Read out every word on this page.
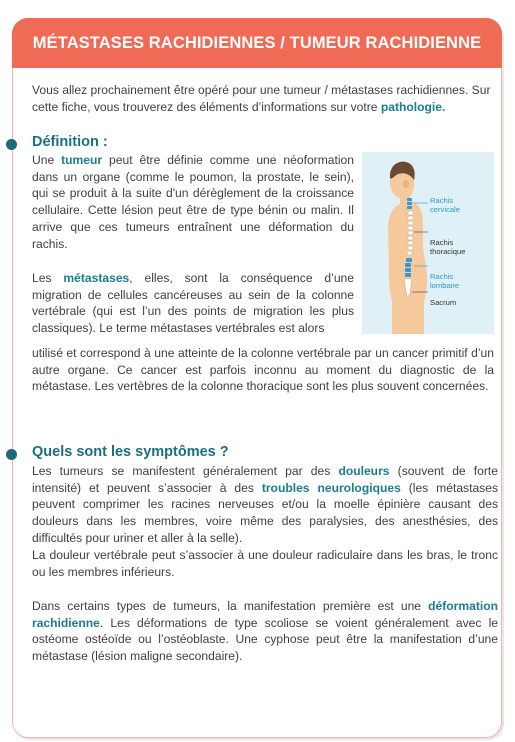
MÉTASTASES RACHIDIENNES / TUMEUR RACHIDIENNE
Vous allez prochainement être opéré pour une tumeur / métastases rachidiennes. Sur cette fiche, vous trouverez des éléments d’informations sur votre pathologie.
Définition :
Une tumeur peut être définie comme une néoformation dans un organe (comme le poumon, la prostate, le sein), qui se produit à la suite d'un dérèglement de la croissance cellulaire. Cette lésion peut être de type bénin ou malin. Il arrive que ces tumeurs entraînent une déformation du rachis.
Les métastases, elles, sont la conséquence d’une migration de cellules cancéreuses au sein de la colonne vertébrale (qui est l’un des points de migration les plus classiques). Le terme métastases vertébrales est alors
utilisé et correspond à une atteinte de la colonne vertébrale par un cancer primitif d’un autre organe. Ce cancer est parfois inconnu au moment du diagnostic de la métastase. Les vertèbres de la colonne thoracique sont les plus souvent concernées.
Rachis
cervicale
Rachis
thoracique
Rachis
lombaire
Sacrum
Quels sont les symptômes ?
Les tumeurs se manifestent généralement par des douleurs (souvent de forte intensité) et peuvent s’associer à des troubles neurologiques (les métastases peuvent comprimer les racines nerveuses et/ou la moelle épinière causant des douleurs dans les membres, voire même des paralysies, des anesthésies, des difficultés pour uriner et aller à la selle).
La douleur vertébrale peut s’associer à une douleur radiculaire dans les bras, le tronc ou les membres inférieurs.
Dans certains types de tumeurs, la manifestation première est une déformation rachidienne. Les déformations de type scoliose se voient généralement avec le ostéome ostéoïde ou l’ostéoblaste. Une cyphose peut être la manifestation d’une métastase (lésion maligne secondaire).
